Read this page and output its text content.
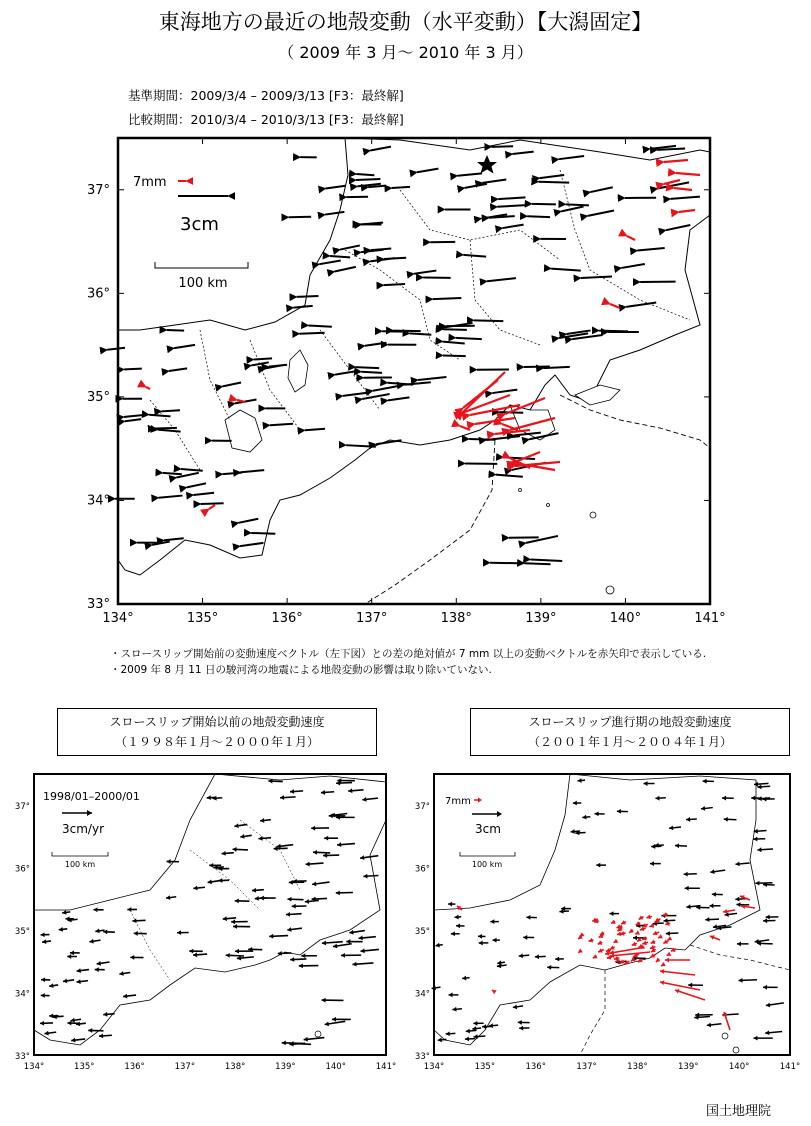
東海地方の最近の地殻変動（水平変動）【大潟固定】
（ 2009 年 3 月～ 2010 年 3 月）
基準期間：2009/3/4 – 2009/3/13 [F3：最終解]
比較期間：2010/3/4 – 2010/3/13 [F3：最終解]
134°	135°	136°	137°	138°	139°	140°	141°
37°
36°
35°
34°
33°
7mm
3cm
100 km
・スロースリップ開始前の変動速度ベクトル（左下図）との差の絶対値が 7 mm 以上の変動ベクトルを赤矢印で表示している.
・2009 年 8 月 11 日の駿河湾の地震による地殻変動の影響は取り除いていない.
スロースリップ開始以前の地殻変動速度
（１９９８年１月～２０００年１月）
スロースリップ進行期の地殻変動速度
（２００１年１月～２００４年１月）
134°	135°	136°	137°	138°	139°	140°	141°
37°
36°
35°
34°
33°
1998/01–2000/01
3cm/yr
100 km
134°	135°	136°	137°	138°	139°	140°	141°
37°
36°
35°
34°
33°
7mm
3cm
100 km
国土地理院
